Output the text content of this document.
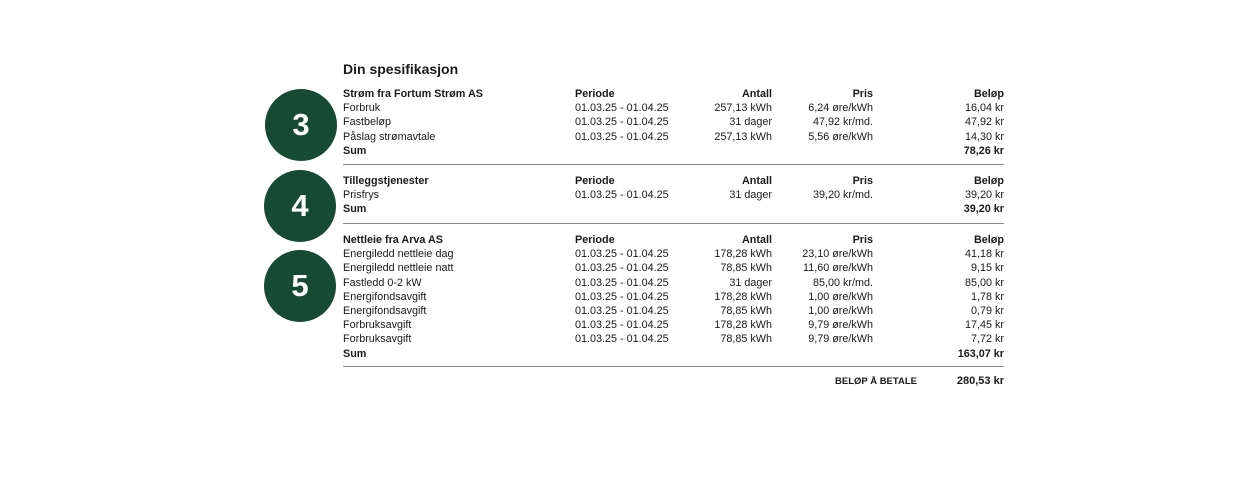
3
4
5
Din spesifikasjon
Strøm fra Fortum Strøm AS	Periode	Antall	Pris	Beløp
Forbruk	01.03.25 - 01.04.25	257,13 kWh	6,24 øre/kWh	16,04 kr
Fastbeløp	01.03.25 - 01.04.25	31 dager	47,92 kr/md.	47,92 kr
Påslag strømavtale	01.03.25 - 01.04.25	257,13 kWh	5,56 øre/kWh	14,30 kr
Sum	78,26 kr
Tilleggstjenester	Periode	Antall	Pris	Beløp
Prisfrys	01.03.25 - 01.04.25	31 dager	39,20 kr/md.	39,20 kr
Sum	39,20 kr
Nettleie fra Arva AS	Periode	Antall	Pris	Beløp
Energiledd nettleie dag	01.03.25 - 01.04.25	178,28 kWh	23,10 øre/kWh	41,18 kr
Energiledd nettleie natt	01.03.25 - 01.04.25	78,85 kWh	11,60 øre/kWh	9,15 kr
Fastledd 0-2 kW	01.03.25 - 01.04.25	31 dager	85,00 kr/md.	85,00 kr
Energifondsavgift	01.03.25 - 01.04.25	178,28 kWh	1,00 øre/kWh	1,78 kr
Energifondsavgift	01.03.25 - 01.04.25	78,85 kWh	1,00 øre/kWh	0,79 kr
Forbruksavgift	01.03.25 - 01.04.25	178,28 kWh	9,79 øre/kWh	17,45 kr
Forbruksavgift	01.03.25 - 01.04.25	78,85 kWh	9,79 øre/kWh	7,72 kr
Sum	163,07 kr
BELØP Å BETALE	280,53 kr
